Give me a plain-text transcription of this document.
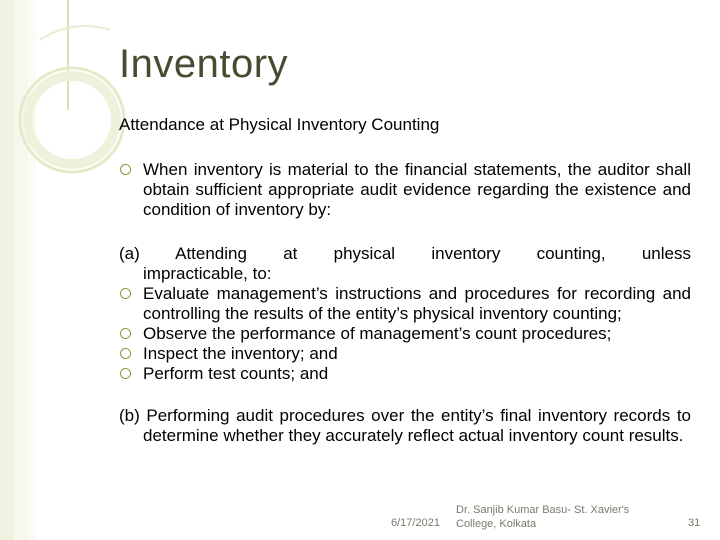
Inventory
Attendance at Physical Inventory Counting
When inventory is material to the financial statements, the auditor shall obtain sufficient appropriate audit evidence regarding the existence and condition of inventory by:
(a)  Attending  at  physical  inventory  counting,  unless
impracticable, to:
Evaluate management’s instructions and procedures for recording and controlling the results of the entity’s physical inventory counting;
Observe the performance of management’s count procedures;
Inspect the inventory; and
Perform test counts; and
(b) Performing audit procedures over the entity’s final inventory records to determine whether they accurately reflect actual inventory count results.
6/17/2021
Dr. Sanjib Kumar Basu- St. Xavier's College, Kolkata	31
